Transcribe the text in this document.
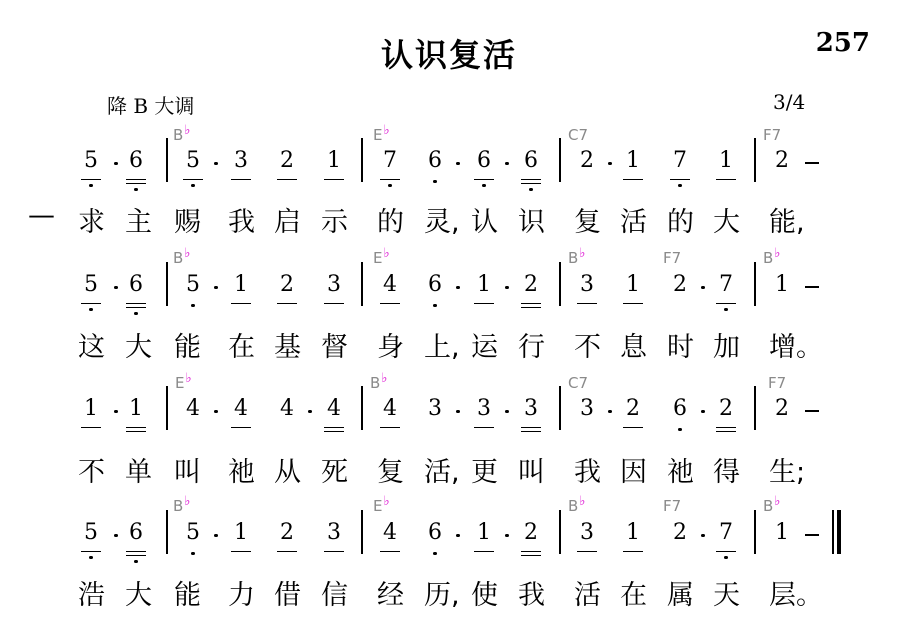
认识复活	257
降 B 大调	3/4
B♭	E♭	C7	F7
5 6 5 3 2 1 7 6 6 6 2 1 7 1 2
— 求 主 赐 我 启 示 的 灵, 认 识 复 活 的 大 能,
B♭	E♭	B♭	F7	B♭
5 6 5 1 2 3 4 6 1 2 3 1 2 7 1
这 大 能 在 基 督 身 上, 运 行 不 息 时 加 增。
E♭	B♭	C7	F7
1 1 4 4 4 4 4 3 3 3 3 2 6 2 2
不 单 叫 祂 从 死 复 活, 更 叫 我 因 祂 得 生;
B♭	E♭	B♭	F7	B♭
5 6 5 1 2 3 4 6 1 2 3 1 2 7 1
浩 大 能 力 借 信 经 历, 使 我 活 在 属 天 层。
